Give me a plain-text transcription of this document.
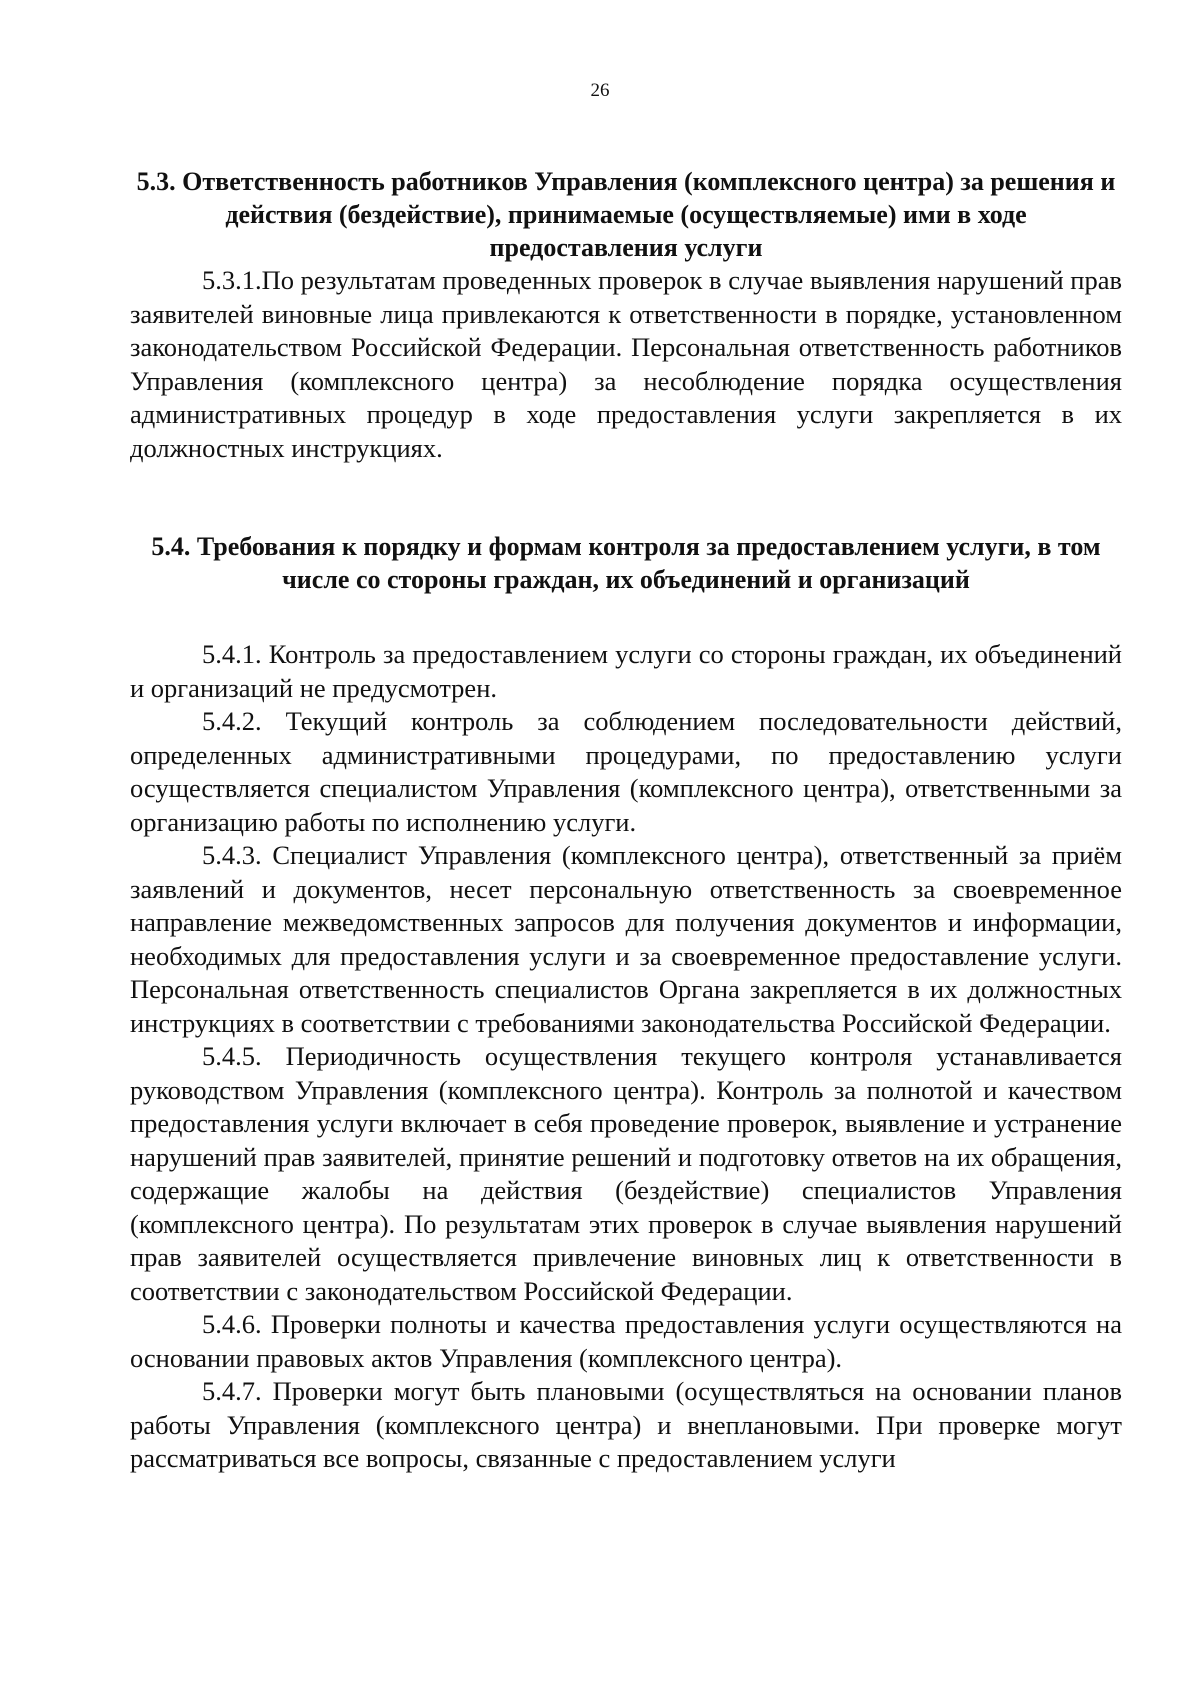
26

5.3. Ответственность работников Управления (комплексного центра) за решения и действия (бездействие), принимаемые (осуществляемые) ими в ходе предоставления услуги

5.3.1.По результатам проведенных проверок в случае выявления нарушений прав заявителей виновные лица привлекаются к ответственности в порядке, установленном законодательством Российской Федерации. Персональная ответственность работников Управления (комплексного центра) за несоблюдение порядка осуществления административных процедур в ходе предоставления услуги закрепляется в их должностных инструкциях.

5.4. Требования к порядку и формам контроля за предоставлением услуги, в том числе со стороны граждан, их объединений и организаций

5.4.1. Контроль за предоставлением услуги со стороны граждан, их объединений и организаций не предусмотрен.

5.4.2. Текущий контроль за соблюдением последовательности действий, определенных административными процедурами, по предоставлению услуги осуществляется специалистом Управления (комплексного центра), ответственными за организацию работы по исполнению услуги.

5.4.3. Специалист Управления (комплексного центра), ответственный за приём заявлений и документов, несет персональную ответственность за своевременное направление межведомственных запросов для получения документов и информации, необходимых для предоставления услуги и за своевременное предоставление услуги. Персональная ответственность специалистов Органа закрепляется в их должностных инструкциях в соответствии с требованиями законодательства Российской Федерации.

5.4.5. Периодичность осуществления текущего контроля устанавливается руководством Управления (комплексного центра). Контроль за полнотой и качеством предоставления услуги включает в себя проведение проверок, выявление и устранение нарушений прав заявителей, принятие решений и подготовку ответов на их обращения, содержащие жалобы на действия (бездействие) специалистов Управления (комплексного центра). По результатам этих проверок в случае выявления нарушений прав заявителей осуществляется привлечение виновных лиц к ответственности в соответствии с законодательством Российской Федерации.

5.4.6. Проверки полноты и качества предоставления услуги осуществляются на основании правовых актов Управления (комплексного центра).

5.4.7. Проверки могут быть плановыми (осуществляться на основании планов работы Управления (комплексного центра) и внеплановыми. При проверке могут рассматриваться все вопросы, связанные с предоставлением услуги
